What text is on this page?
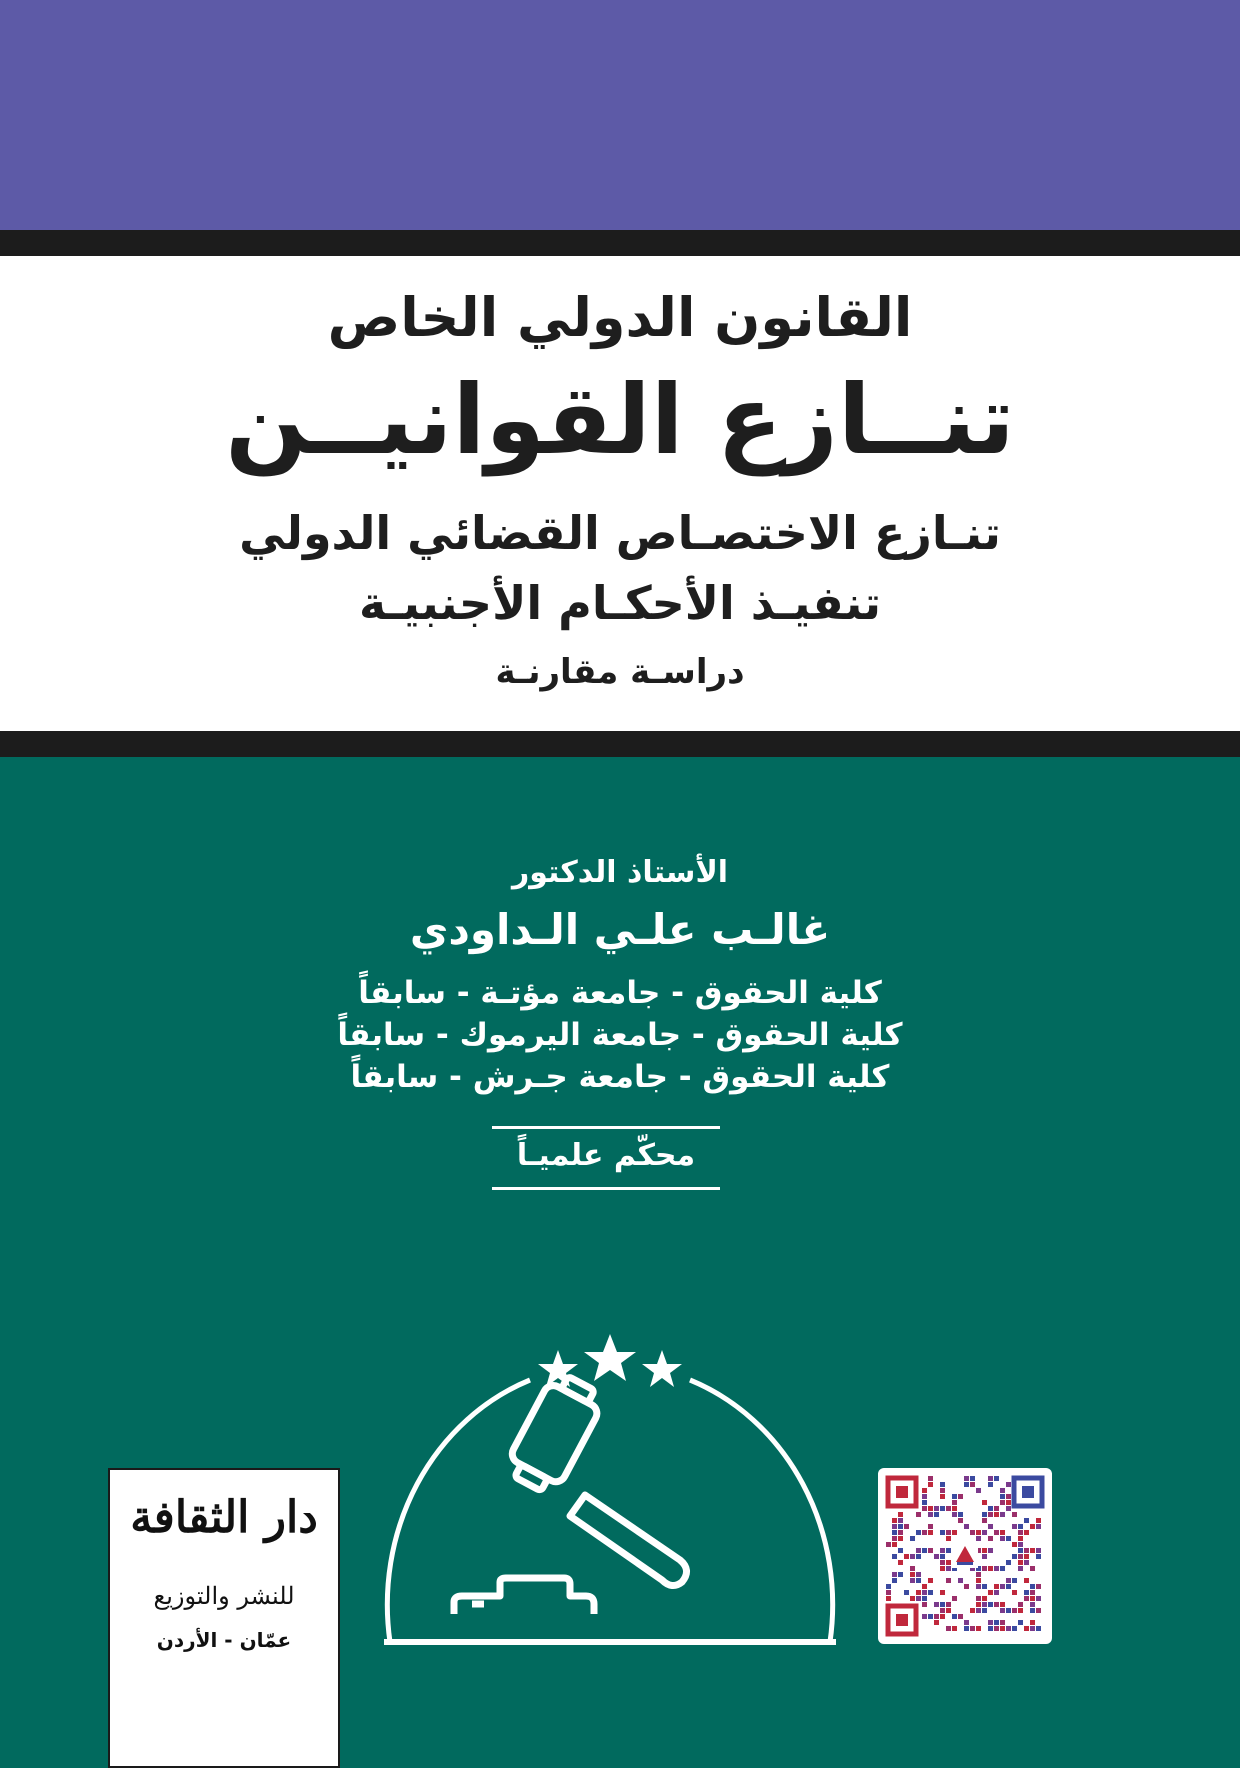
القانون الدولي الخاص
تنــازع القوانيــن
تنـازع الاختصـاص القضائي الدولي
تنفيـذ الأحكـام الأجنبيـة
دراسـة مقارنـة
الأستاذ الدكتور
غالـب علـي الـداودي
كلية الحقوق - جامعة مؤتـة - سابقاً
كلية الحقوق - جامعة اليرموك - سابقاً
كلية الحقوق - جامعة جـرش - سابقاً
محكّم علميـاً
دار الثقافة
للنشر والتوزيع
عمّان - الأردن
